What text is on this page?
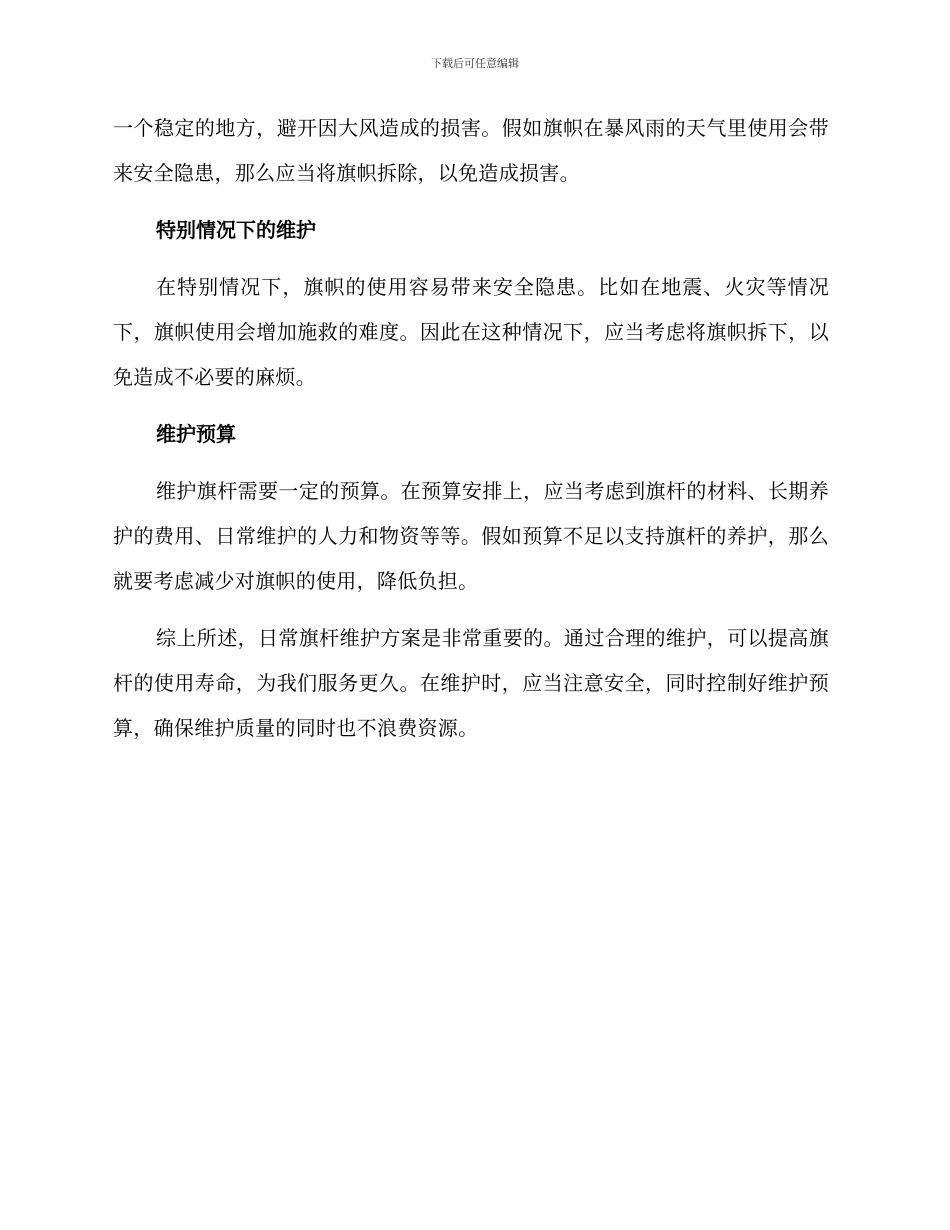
下载后可任意编辑

一个稳定的地方，避开因大风造成的损害。假如旗帜在暴风雨的天气里使用会带来安全隐患，那么应当将旗帜拆除，以免造成损害。

特别情况下的维护

在特别情况下，旗帜的使用容易带来安全隐患。比如在地震、火灾等情况下，旗帜使用会增加施救的难度。因此在这种情况下，应当考虑将旗帜拆下，以免造成不必要的麻烦。

维护预算

维护旗杆需要一定的预算。在预算安排上，应当考虑到旗杆的材料、长期养护的费用、日常维护的人力和物资等等。假如预算不足以支持旗杆的养护，那么就要考虑减少对旗帜的使用，降低负担。

综上所述，日常旗杆维护方案是非常重要的。通过合理的维护，可以提高旗杆的使用寿命，为我们服务更久。在维护时，应当注意安全，同时控制好维护预算，确保维护质量的同时也不浪费资源。
